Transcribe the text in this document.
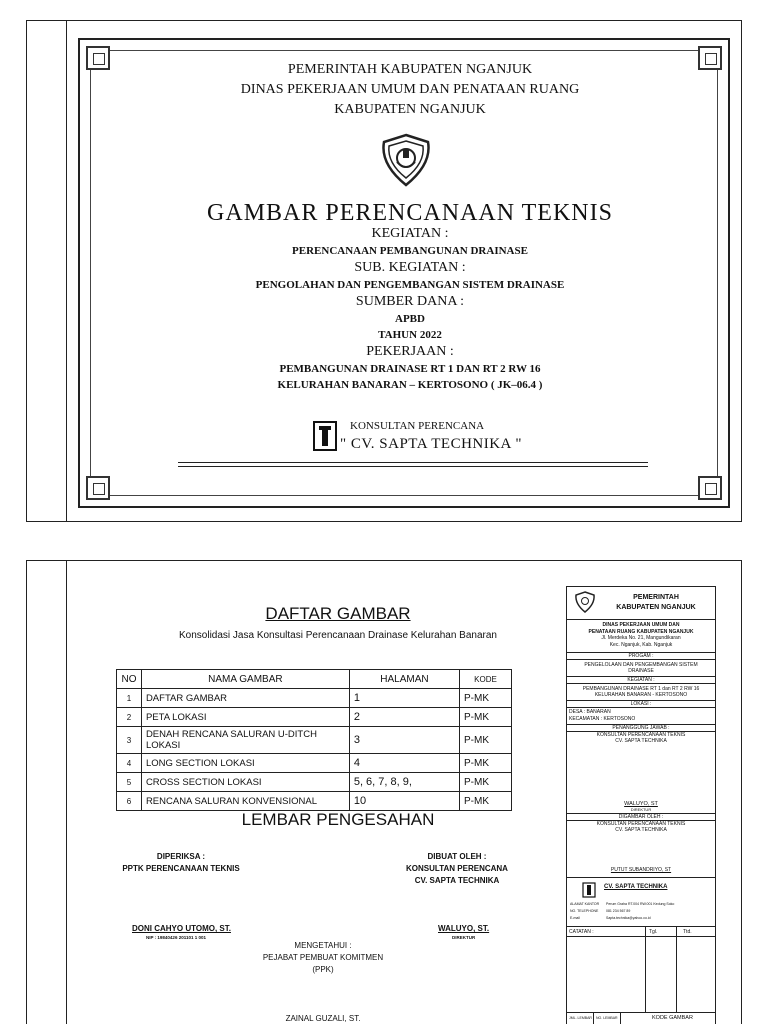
PEMERINTAH KABUPATEN NGANJUK
DINAS PEKERJAAN UMUM DAN PENATAAN RUANG
KABUPATEN NGANJUK
GAMBAR PERENCANAAN TEKNIS
KEGIATAN :
PERENCANAAN PEMBANGUNAN DRAINASE
SUB. KEGIATAN :
PENGOLAHAN DAN PENGEMBANGAN SISTEM DRAINASE
SUMBER DANA :
APBD
TAHUN 2022
PEKERJAAN :
PEMBANGUNAN DRAINASE RT 1 DAN RT 2 RW 16
KELURAHAN BANARAN – KERTOSONO ( JK–06.4 )
KONSULTAN PERENCANA
" CV. SAPTA TECHNIKA "
DAFTAR GAMBAR
Konsolidasi Jasa Konsultasi Perencanaan Drainase Kelurahan Banaran
NO	NAMA GAMBAR	HALAMAN	KODE
1	DAFTAR GAMBAR	1	P-MK
2	PETA LOKASI	2	P-MK
3	DENAH RENCANA SALURAN U-DITCH LOKASI	3	P-MK
4	LONG SECTION LOKASI	4	P-MK
5	CROSS SECTION LOKASI	5, 6, 7, 8, 9,	P-MK
6	RENCANA SALURAN KONVENSIONAL	10	P-MK
LEMBAR PENGESAHAN
DIPERIKSA :
PPTK PERENCANAAN TEKNIS
DONI CAHYO UTOMO, ST.
NIP : 19840426 201101 1 001
DIBUAT OLEH :
KONSULTAN PERENCANA
CV. SAPTA TECHNIKA
WALUYO, ST.
DIREKTUR
MENGETAHUI :
PEJABAT PEMBUAT KOMITMEN
(PPK)
ZAINAL GUZALI, ST.
PEMERINTAH
KABUPATEN NGANJUK
DINAS PEKERJAAN UMUM DAN
PENATAAN RUANG KABUPATEN NGANJUK
Jl. Merdeka No. 21, Mangundikaran
Kec. Nganjuk, Kab. Nganjuk
PROGAM :
PENGELOLAAN DAN PENGEMBANGAN SISTEM DRAINASE
KEGIATAN :
PEMBANGUNAN DRAINASE RT 1 dan RT 2 RW 16 KELURAHAN BANARAN - KERTOSONO
LOKASI :
DESA : BANARAN
KECAMATAN : KERTOSONO
PENANGGUNG JAWAB :
KONSULTAN PERENCANAAN TEKNIS
CV. SAPTA TECHNIKA
WALUYO, ST
DIREKTUR
DIGAMBAR OLEH :
KONSULTAN PERENCANAAN TEKNIS
CV. SAPTA TECHNIKA
PUTUT SUBANDRIYO, ST
CV. SAPTA TECHNIKA
ALAMAT KANTOR Perum Graha RT.004 RW.001 Kedung Soko
NO. TELEPHONE 081 234 567 89
E-mail	Sapta.technika@yahoo.co.id
CATATAN :	Tgl.	Ttd.
JML. LEMBAR NO. LEMBAR	KODE GAMBAR
